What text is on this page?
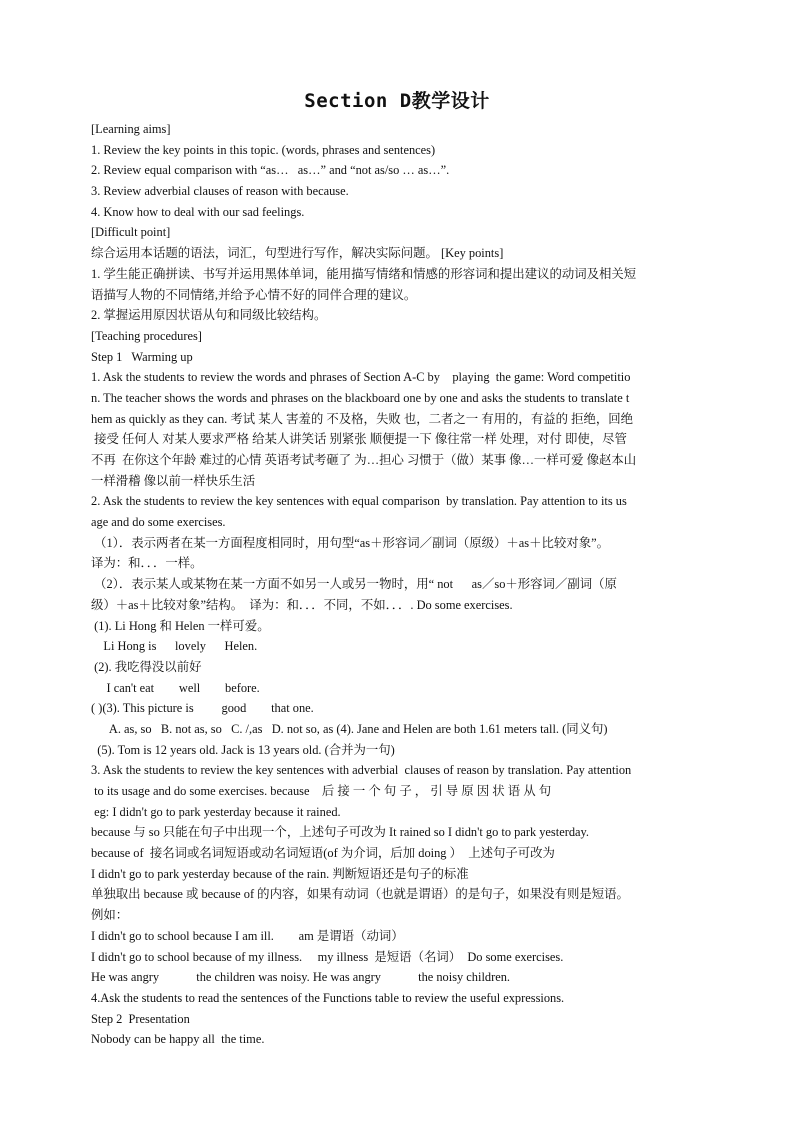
Section D教学设计
[Learning aims]
1. Review the key points in this topic. (words, phrases and sentences)
2. Review equal comparison with “as…   as…” and “not as/so … as…”.
3. Review adverbial clauses of reason with because.
4. Know how to deal with our sad feelings.
[Difficult point]
综合运用本话题的语法，词汇，句型进行写作，解决实际问题。 [Key points]
1. 学生能正确拼读、书写并运用黑体单词，能用描写情绪和情感的形容词和提出建议的动词及相关短
语描写人物的不同情绪,并给予心情不好的同伴合理的建议。
2. 掌握运用原因状语从句和同级比较结构。
[Teaching procedures]
Step 1   Warming up
1. Ask the students to review the words and phrases of Section A-C by    playing  the game: Word competitio
n. The teacher shows the words and phrases on the blackboard one by one and asks the students to translate t
hem as quickly as they can. 考试 某人 害羞的 不及格，失败 也，二者之一 有用的，有益的 拒绝，回绝
接受 任何人 对某人要求严格 给某人讲笑话 别紧张 顺便提一下 像往常一样 处理，对付 即使，尽管
不再  在你这个年龄 难过的心情 英语考试考砸了 为…担心 习惯于（做）某事 像…一样可爱 像赵本山
一样滑稽 像以前一样快乐生活
2. Ask the students to review the key sentences with equal comparison  by translation. Pay attention to its us
age and do some exercises.
（1）．表示两者在某一方面程度相同时，用句型“as＋形容词／副词（原级）＋as＋比较对象”。
译为：和．．．一样。
（2）．表示某人或某物在某一方面不如另一人或另一物时，用“ not      as／so＋形容词／副词（原
级）＋as＋比较对象”结构。  译为：和．．．不同，不如．．．. Do some exercises.
(1). Li Hong 和 Helen 一样可爱。
Li Hong is      lovely      Helen.
(2). 我吃得没以前好
I can't eat        well        before.
( )(3). This picture is         good        that one.
A. as, so   B. not as, so   C. /,as   D. not so, as (4). Jane and Helen are both 1.61 meters tall. (同义句)
(5). Tom is 12 years old. Jack is 13 years old. (合并为一句)
3. Ask the students to review the key sentences with adverbial  clauses of reason by translation. Pay attention
to its usage and do some exercises. because    后 接 一 个 句 子 ， 引 导 原 因 状 语 从 句
eg: I didn't go to park yesterday because it rained.
because 与 so 只能在句子中出现一个，上述句子可改为 It rained so I didn't go to park yesterday.
because of  接名词或名词短语或动名词短语(of 为介词，后加 doing ）  上述句子可改为
I didn't go to park yesterday because of the rain. 判断短语还是句子的标准
单独取出 because 或 because of 的内容，如果有动词（也就是谓语）的是句子，如果没有则是短语。
例如：
I didn't go to school because I am ill.        am 是谓语（动词）
I didn't go to school because of my illness.     my illness  是短语（名词）  Do some exercises.
He was angry            the children was noisy. He was angry            the noisy children.
4.Ask the students to read the sentences of the Functions table to review the useful expressions.
Step 2  Presentation
Nobody can be happy all  the time.
